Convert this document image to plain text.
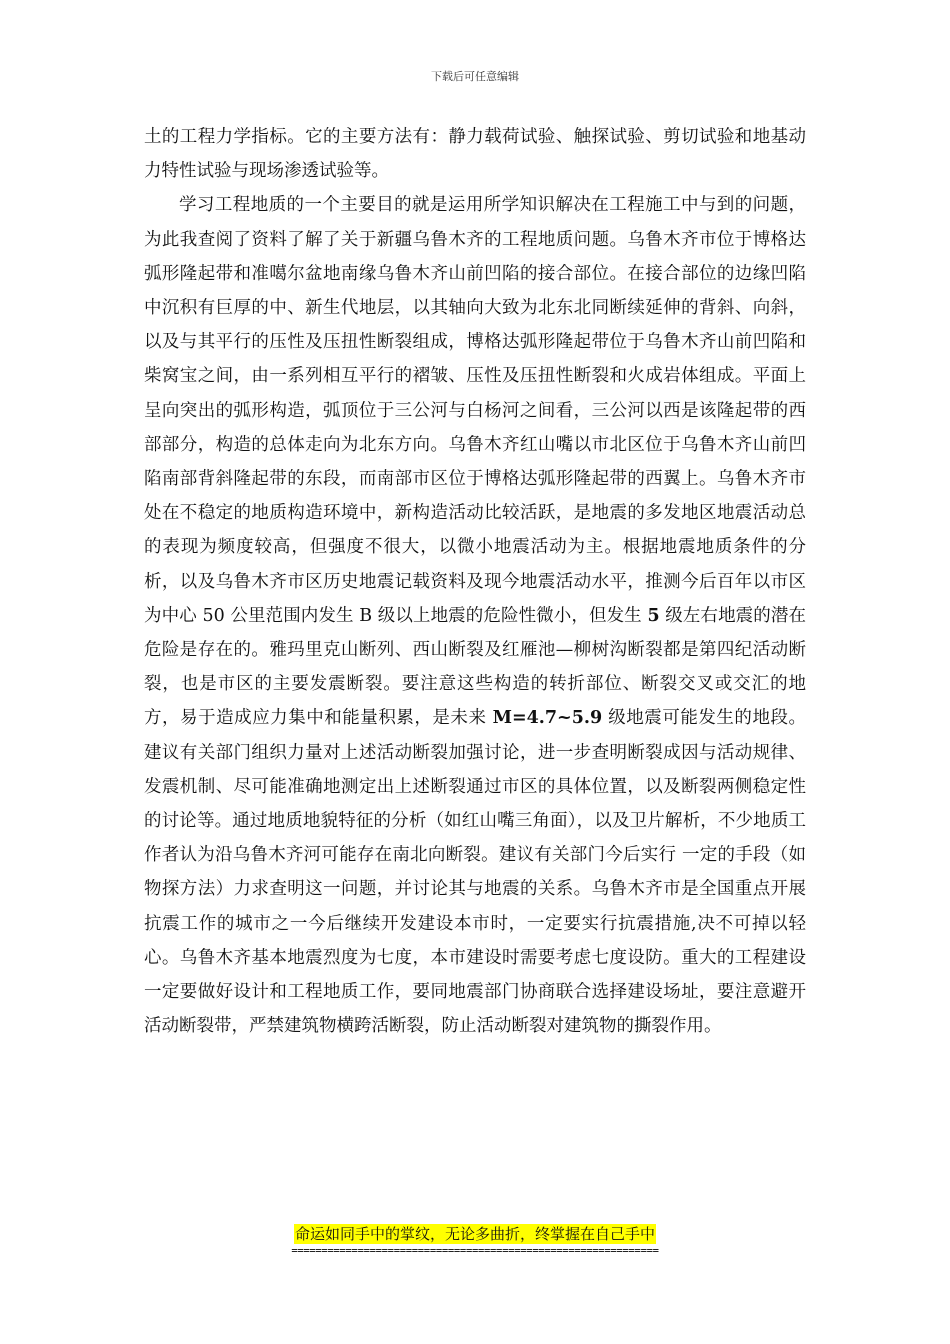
下载后可任意编辑

土的工程力学指标。它的主要方法有：静力载荷试验、触探试验、剪切试验和地基动力特性试验与现场渗透试验等。

学习工程地质的一个主要目的就是运用所学知识解决在工程施工中与到的问题，为此我查阅了资料了解了关于新疆乌鲁木齐的工程地质问题。乌鲁木齐市位于博格达弧形隆起带和准噶尔盆地南缘乌鲁木齐山前凹陷的接合部位。在接合部位的边缘凹陷中沉积有巨厚的中、新生代地层，以其轴向大致为北东北同断续延伸的背斜、向斜，以及与其平行的压性及压扭性断裂组成，博格达弧形隆起带位于乌鲁木齐山前凹陷和柴窝宝之间，由一系列相互平行的褶皱、压性及压扭性断裂和火成岩体组成。平面上呈向突出的弧形构造，弧顶位于三公河与白杨河之间看，三公河以西是该隆起带的西部部分，构造的总体走向为北东方向。乌鲁木齐红山嘴以市北区位于乌鲁木齐山前凹陷南部背斜隆起带的东段，而南部市区位于博格达弧形隆起带的西翼上。乌鲁木齐市处在不稳定的地质构造环境中，新构造活动比较活跃，是地震的多发地区地震活动总的表现为频度较高，但强度不很大，以微小地震活动为主。根据地震地质条件的分析，以及乌鲁木齐市区历史地震记载资料及现今地震活动水平，推测今后百年以市区为中心 50 公里范围内发生 B 级以上地震的危险性微小，但发生 5 级左右地震的潜在危险是存在的。雅玛里克山断列、西山断裂及红雁池—柳树沟断裂都是第四纪活动断裂，也是市区的主要发震断裂。要注意这些构造的转折部位、断裂交叉或交汇的地方，易于造成应力集中和能量积累，是未来 M=4.7~5.9 级地震可能发生的地段。建议有关部门组织力量对上述活动断裂加强讨论，进一步查明断裂成因与活动规律、发震机制、尽可能准确地测定出上述断裂通过市区的具体位置，以及断裂两侧稳定性的讨论等。通过地质地貌特征的分析（如红山嘴三角面），以及卫片解析，不少地质工作者认为沿乌鲁木齐河可能存在南北向断裂。建议有关部门今后实行 一定的手段（如物探方法）力求查明这一问题，并讨论其与地震的关系。乌鲁木齐市是全国重点开展抗震工作的城市之一今后继续开发建设本市时，一定要实行抗震措施,决不可掉以轻心。乌鲁木齐基本地震烈度为七度，本市建设时需要考虑七度设防。重大的工程建设一定要做好设计和工程地质工作，要同地震部门协商联合选择建设场址，要注意避开活动断裂带，严禁建筑物横跨活断裂，防止活动断裂对建筑物的撕裂作用。

命运如同手中的掌纹，无论多曲折，终掌握在自己手中
=============================================================
